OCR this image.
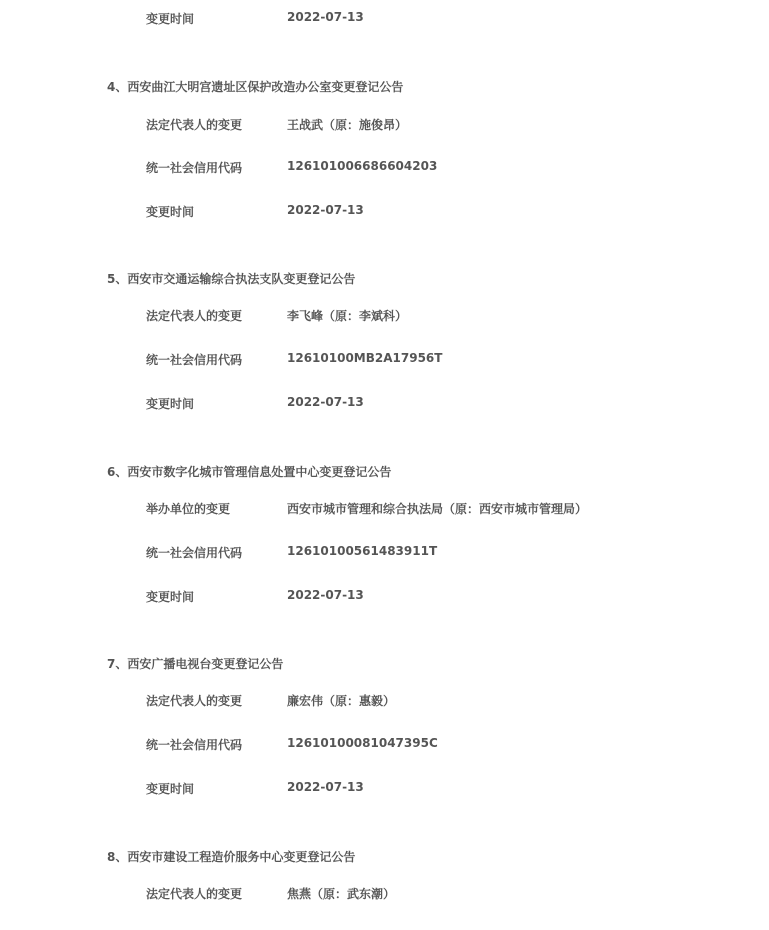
变更时间	2022-07-13
4、西安曲江大明宫遗址区保护改造办公室变更登记公告
法定代表人的变更	王战武（原：施俊昂）
统一社会信用代码	126101006686604203
变更时间	2022-07-13
5、西安市交通运输综合执法支队变更登记公告
法定代表人的变更	李飞峰（原：李斌科）
统一社会信用代码	12610100MB2A17956T
变更时间	2022-07-13
6、西安市数字化城市管理信息处置中心变更登记公告
举办单位的变更	西安市城市管理和综合执法局（原：西安市城市管理局）
统一社会信用代码	12610100561483911T
变更时间	2022-07-13
7、西安广播电视台变更登记公告
法定代表人的变更	廉宏伟（原：惠毅）
统一社会信用代码	12610100081047395C
变更时间	2022-07-13
8、西安市建设工程造价服务中心变更登记公告
法定代表人的变更	焦燕（原：武东潮）
